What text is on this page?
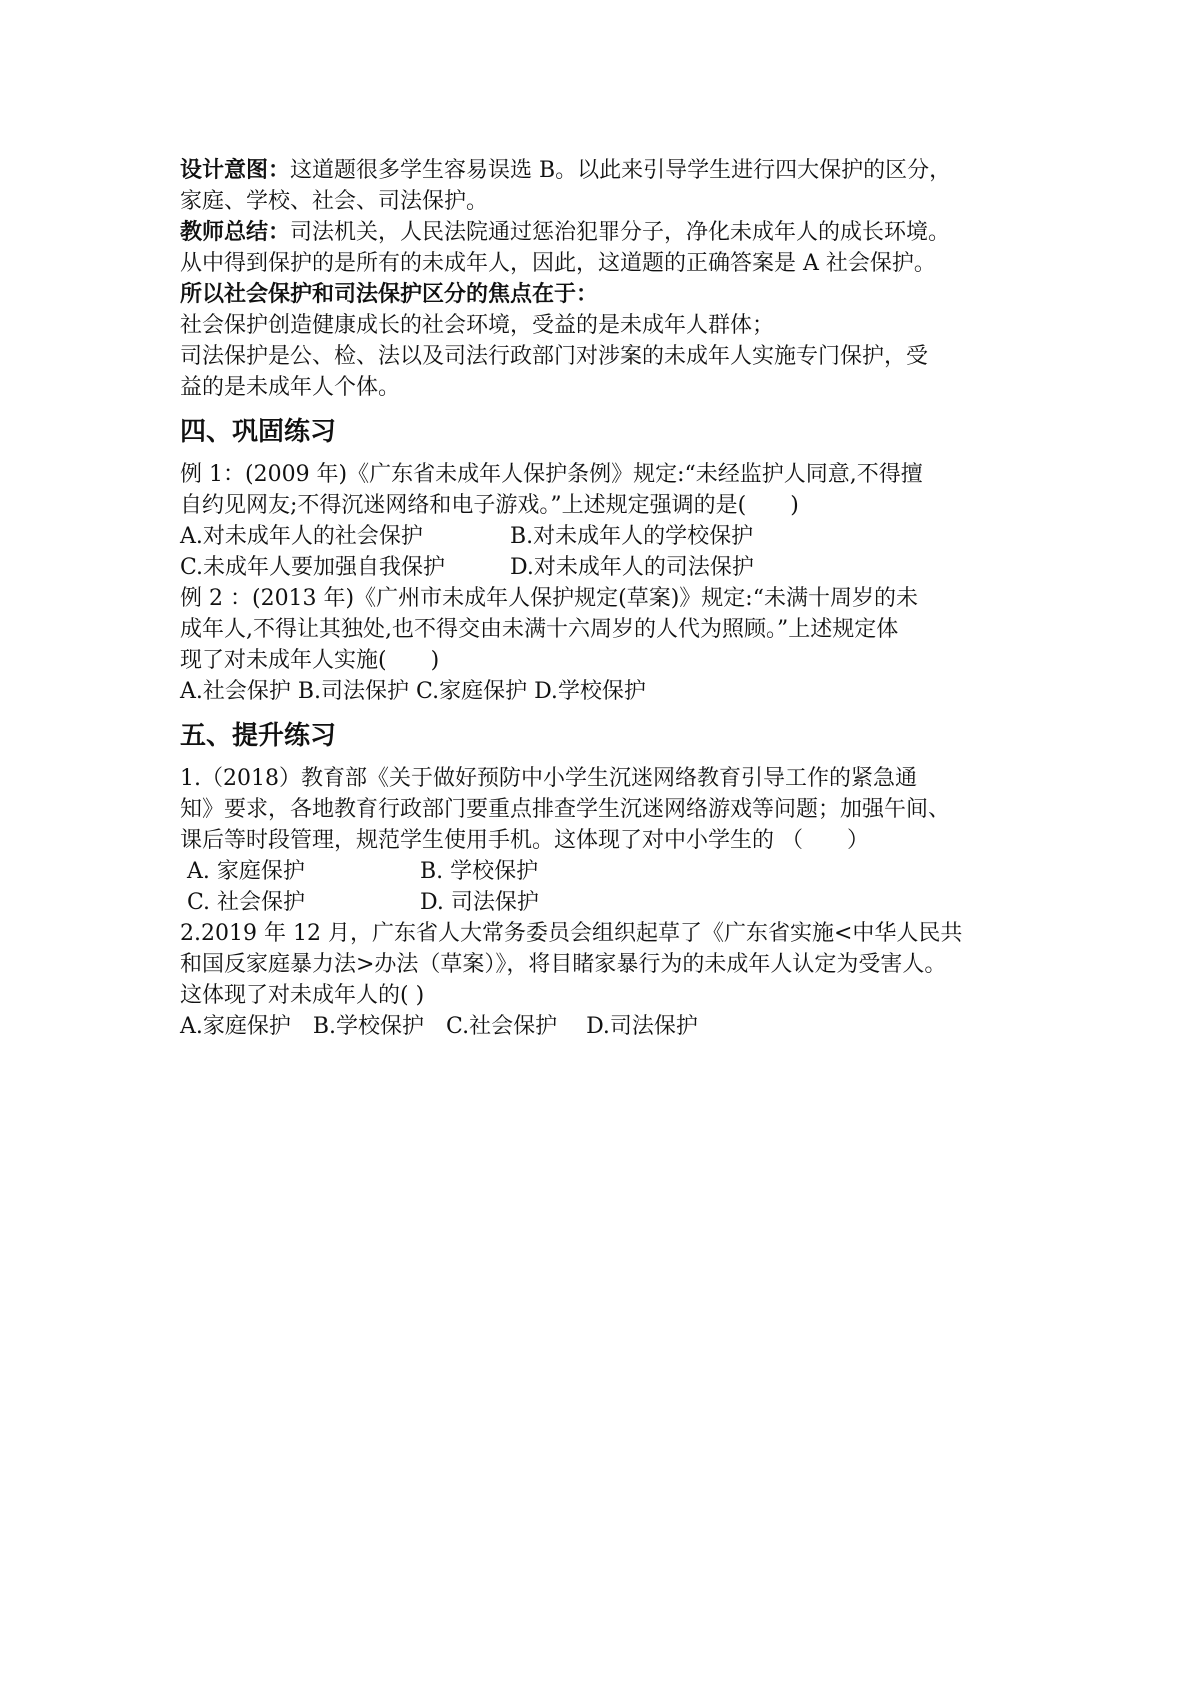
设计意图：这道题很多学生容易误选 B。以此来引导学生进行四大保护的区分，

家庭、学校、社会、司法保护。

教师总结：司法机关，人民法院通过惩治犯罪分子，净化未成年人的成长环境。

从中得到保护的是所有的未成年人，因此，这道题的正确答案是 A 社会保护。

所以社会保护和司法保护区分的焦点在于：

社会保护创造健康成长的社会环境，受益的是未成年人群体；

司法保护是公、检、法以及司法行政部门对涉案的未成年人实施专门保护，受

益的是未成年人个体。

四、巩固练习

例 1：(2009 年)《广东省未成年人保护条例》规定:“未经监护人同意,不得擅

自约见网友;不得沉迷网络和电子游戏。”上述规定强调的是(　　)

A.对未成年人的社会保护	B.对未成年人的学校保护
C.未成年人要加强自我保护	D.对未成年人的司法保护

例 2 ：(2013 年)《广州市未成年人保护规定(草案)》规定:“未满十周岁的未

成年人,不得让其独处,也不得交由未满十六周岁的人代为照顾。”上述规定体

现了对未成年人实施(　　)

A.社会保护 B.司法保护 C.家庭保护 D.学校保护

五、提升练习

1.（2018）教育部《关于做好预防中小学生沉迷网络教育引导工作的紧急通

知》要求，各地教育行政部门要重点排查学生沉迷网络游戏等问题；加强午间、

课后等时段管理，规范学生使用手机。这体现了对中小学生的 （　　）

A. 家庭保护	B. 学校保护
C. 社会保护	D. 司法保护

2.2019 年 12 月，广东省人大常务委员会组织起草了《广东省实施<中华人民共

和国反家庭暴力法>办法（草案）》，将目睹家暴行为的未成年人认定为受害人。

这体现了对未成年人的( )

A.家庭保护　B.学校保护　C.社会保护　 D.司法保护
